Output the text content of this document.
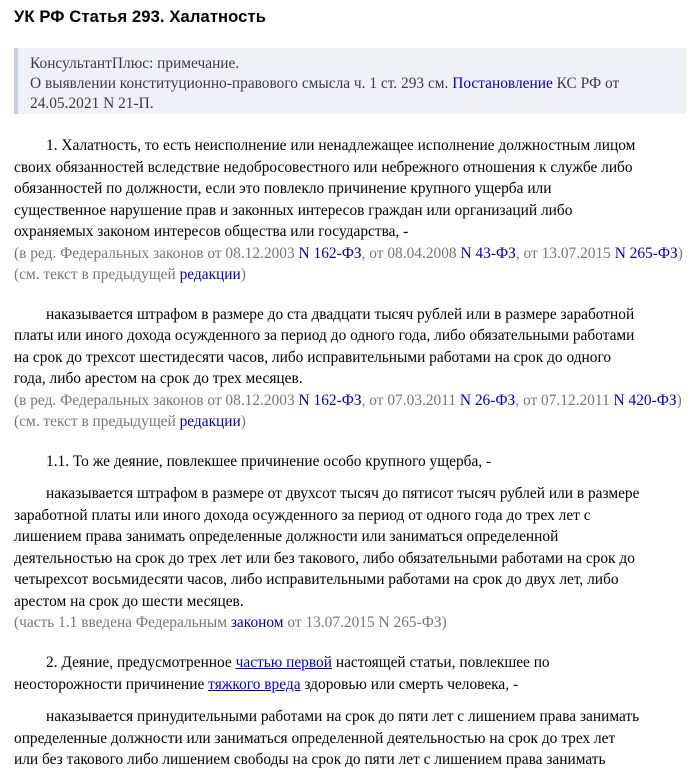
УК РФ Статья 293. Халатность
КонсультантПлюс: примечание.
О выявлении конституционно-правового смысла ч. 1 ст. 293 см. Постановление КС РФ от
24.05.2021 N 21-П.
1. Халатность, то есть неисполнение или ненадлежащее исполнение должностным лицом
своих обязанностей вследствие недобросовестного или небрежного отношения к службе либо
обязанностей по должности, если это повлекло причинение крупного ущерба или
существенное нарушение прав и законных интересов граждан или организаций либо
охраняемых законом интересов общества или государства, -
(в ред. Федеральных законов от 08.12.2003 N 162-ФЗ, от 08.04.2008 N 43-ФЗ, от 13.07.2015 N 265-ФЗ)
(см. текст в предыдущей редакции)
наказывается штрафом в размере до ста двадцати тысяч рублей или в размере заработной
платы или иного дохода осужденного за период до одного года, либо обязательными работами
на срок до трехсот шестидесяти часов, либо исправительными работами на срок до одного
года, либо арестом на срок до трех месяцев.
(в ред. Федеральных законов от 08.12.2003 N 162-ФЗ, от 07.03.2011 N 26-ФЗ, от 07.12.2011 N 420-ФЗ)
(см. текст в предыдущей редакции)
1.1. То же деяние, повлекшее причинение особо крупного ущерба, -
наказывается штрафом в размере от двухсот тысяч до пятисот тысяч рублей или в размере
заработной платы или иного дохода осужденного за период от одного года до трех лет с
лишением права занимать определенные должности или заниматься определенной
деятельностью на срок до трех лет или без такового, либо обязательными работами на срок до
четырехсот восьмидесяти часов, либо исправительными работами на срок до двух лет, либо
арестом на срок до шести месяцев.
(часть 1.1 введена Федеральным законом от 13.07.2015 N 265-ФЗ)
2. Деяние, предусмотренное частью первой настоящей статьи, повлекшее по
неосторожности причинение тяжкого вреда здоровью или смерть человека, -
наказывается принудительными работами на срок до пяти лет с лишением права занимать
определенные должности или заниматься определенной деятельностью на срок до трех лет
или без такового либо лишением свободы на срок до пяти лет с лишением права занимать
